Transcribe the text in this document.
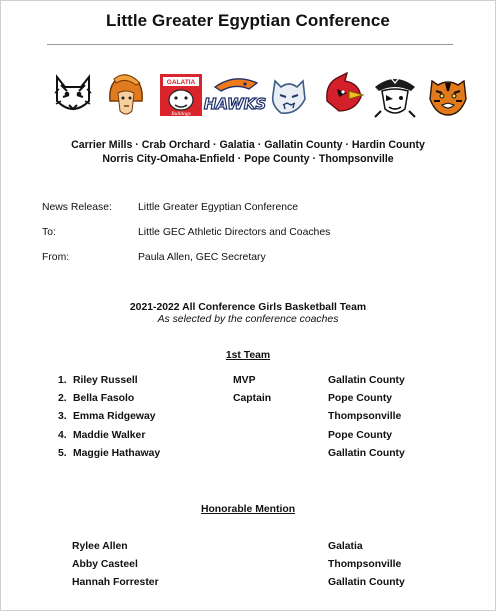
Little Greater Egyptian Conference
GALATIA
Bulldogs
HAWKS
Carrier Mills · Crab Orchard · Galatia · Gallatin County · Hardin County
Norris City-Omaha-Enfield · Pope County · Thompsonville
News Release:	Little Greater Egyptian Conference
To:	Little GEC Athletic Directors and Coaches
From:	Paula Allen, GEC Secretary
2021-2022 All Conference Girls Basketball Team
As selected by the conference coaches
1st Team
1. Riley Russell	MVP	Gallatin County
2. Bella Fasolo	Captain	Pope County
3. Emma Ridgeway	Thompsonville
4. Maddie Walker	Pope County
5. Maggie Hathaway	Gallatin County
Honorable Mention
Rylee Allen	Galatia
Abby Casteel	Thompsonville
Hannah Forrester	Gallatin County
